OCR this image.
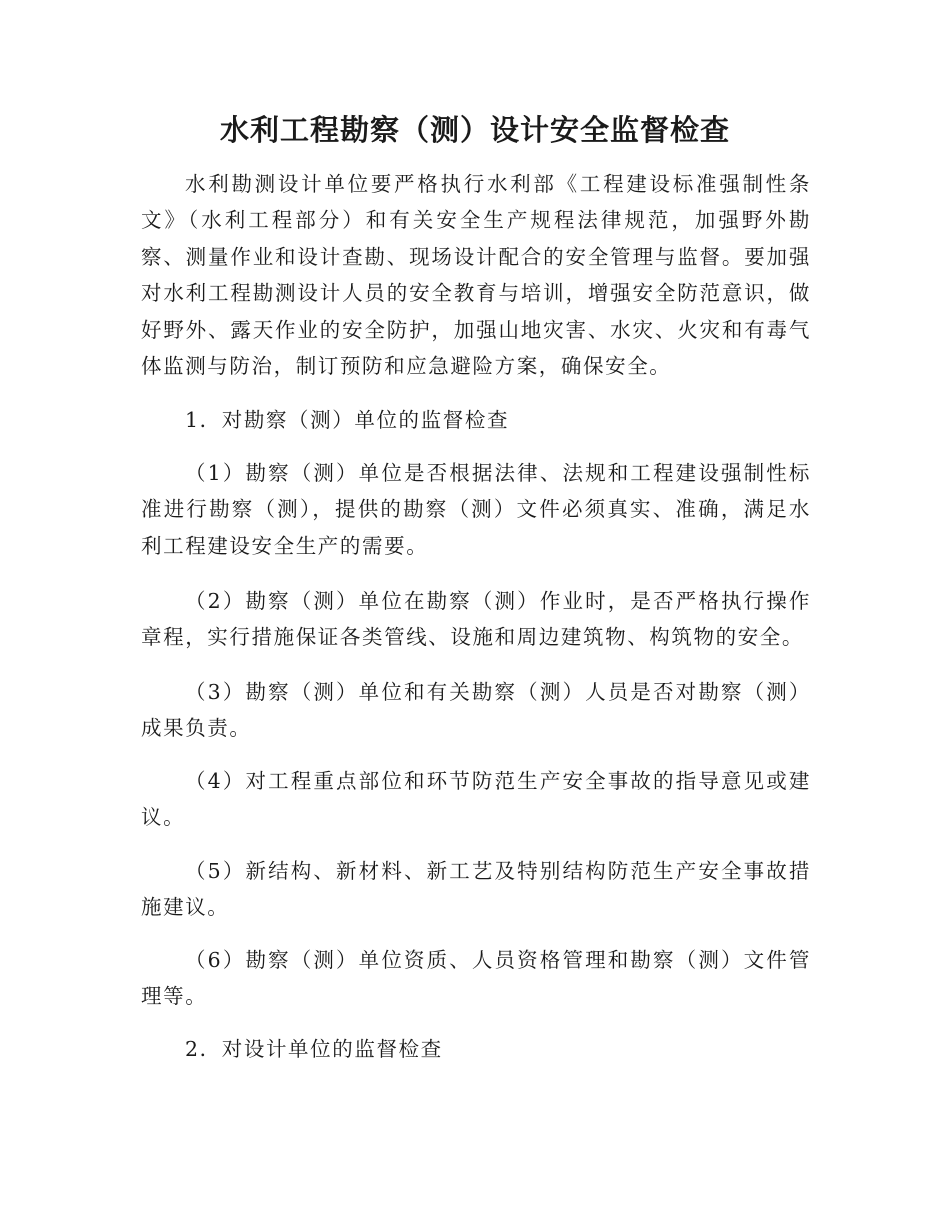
水利工程勘察（测）设计安全监督检查

水利勘测设计单位要严格执行水利部《工程建设标准强制性条文》（水利工程部分）和有关安全生产规程法律规范，加强野外勘察、测量作业和设计查勘、现场设计配合的安全管理与监督。要加强对水利工程勘测设计人员的安全教育与培训，增强安全防范意识，做好野外、露天作业的安全防护，加强山地灾害、水灾、火灾和有毒气体监测与防治，制订预防和应急避险方案，确保安全。

1．对勘察（测）单位的监督检查

（1）勘察（测）单位是否根据法律、法规和工程建设强制性标准进行勘察（测），提供的勘察（测）文件必须真实、准确，满足水利工程建设安全生产的需要。

（2）勘察（测）单位在勘察（测）作业时，是否严格执行操作章程，实行措施保证各类管线、设施和周边建筑物、构筑物的安全。

（3）勘察（测）单位和有关勘察（测）人员是否对勘察（测）成果负责。

（4）对工程重点部位和环节防范生产安全事故的指导意见或建议。

（5）新结构、新材料、新工艺及特别结构防范生产安全事故措施建议。

（6）勘察（测）单位资质、人员资格管理和勘察（测）文件管理等。

2．对设计单位的监督检查
